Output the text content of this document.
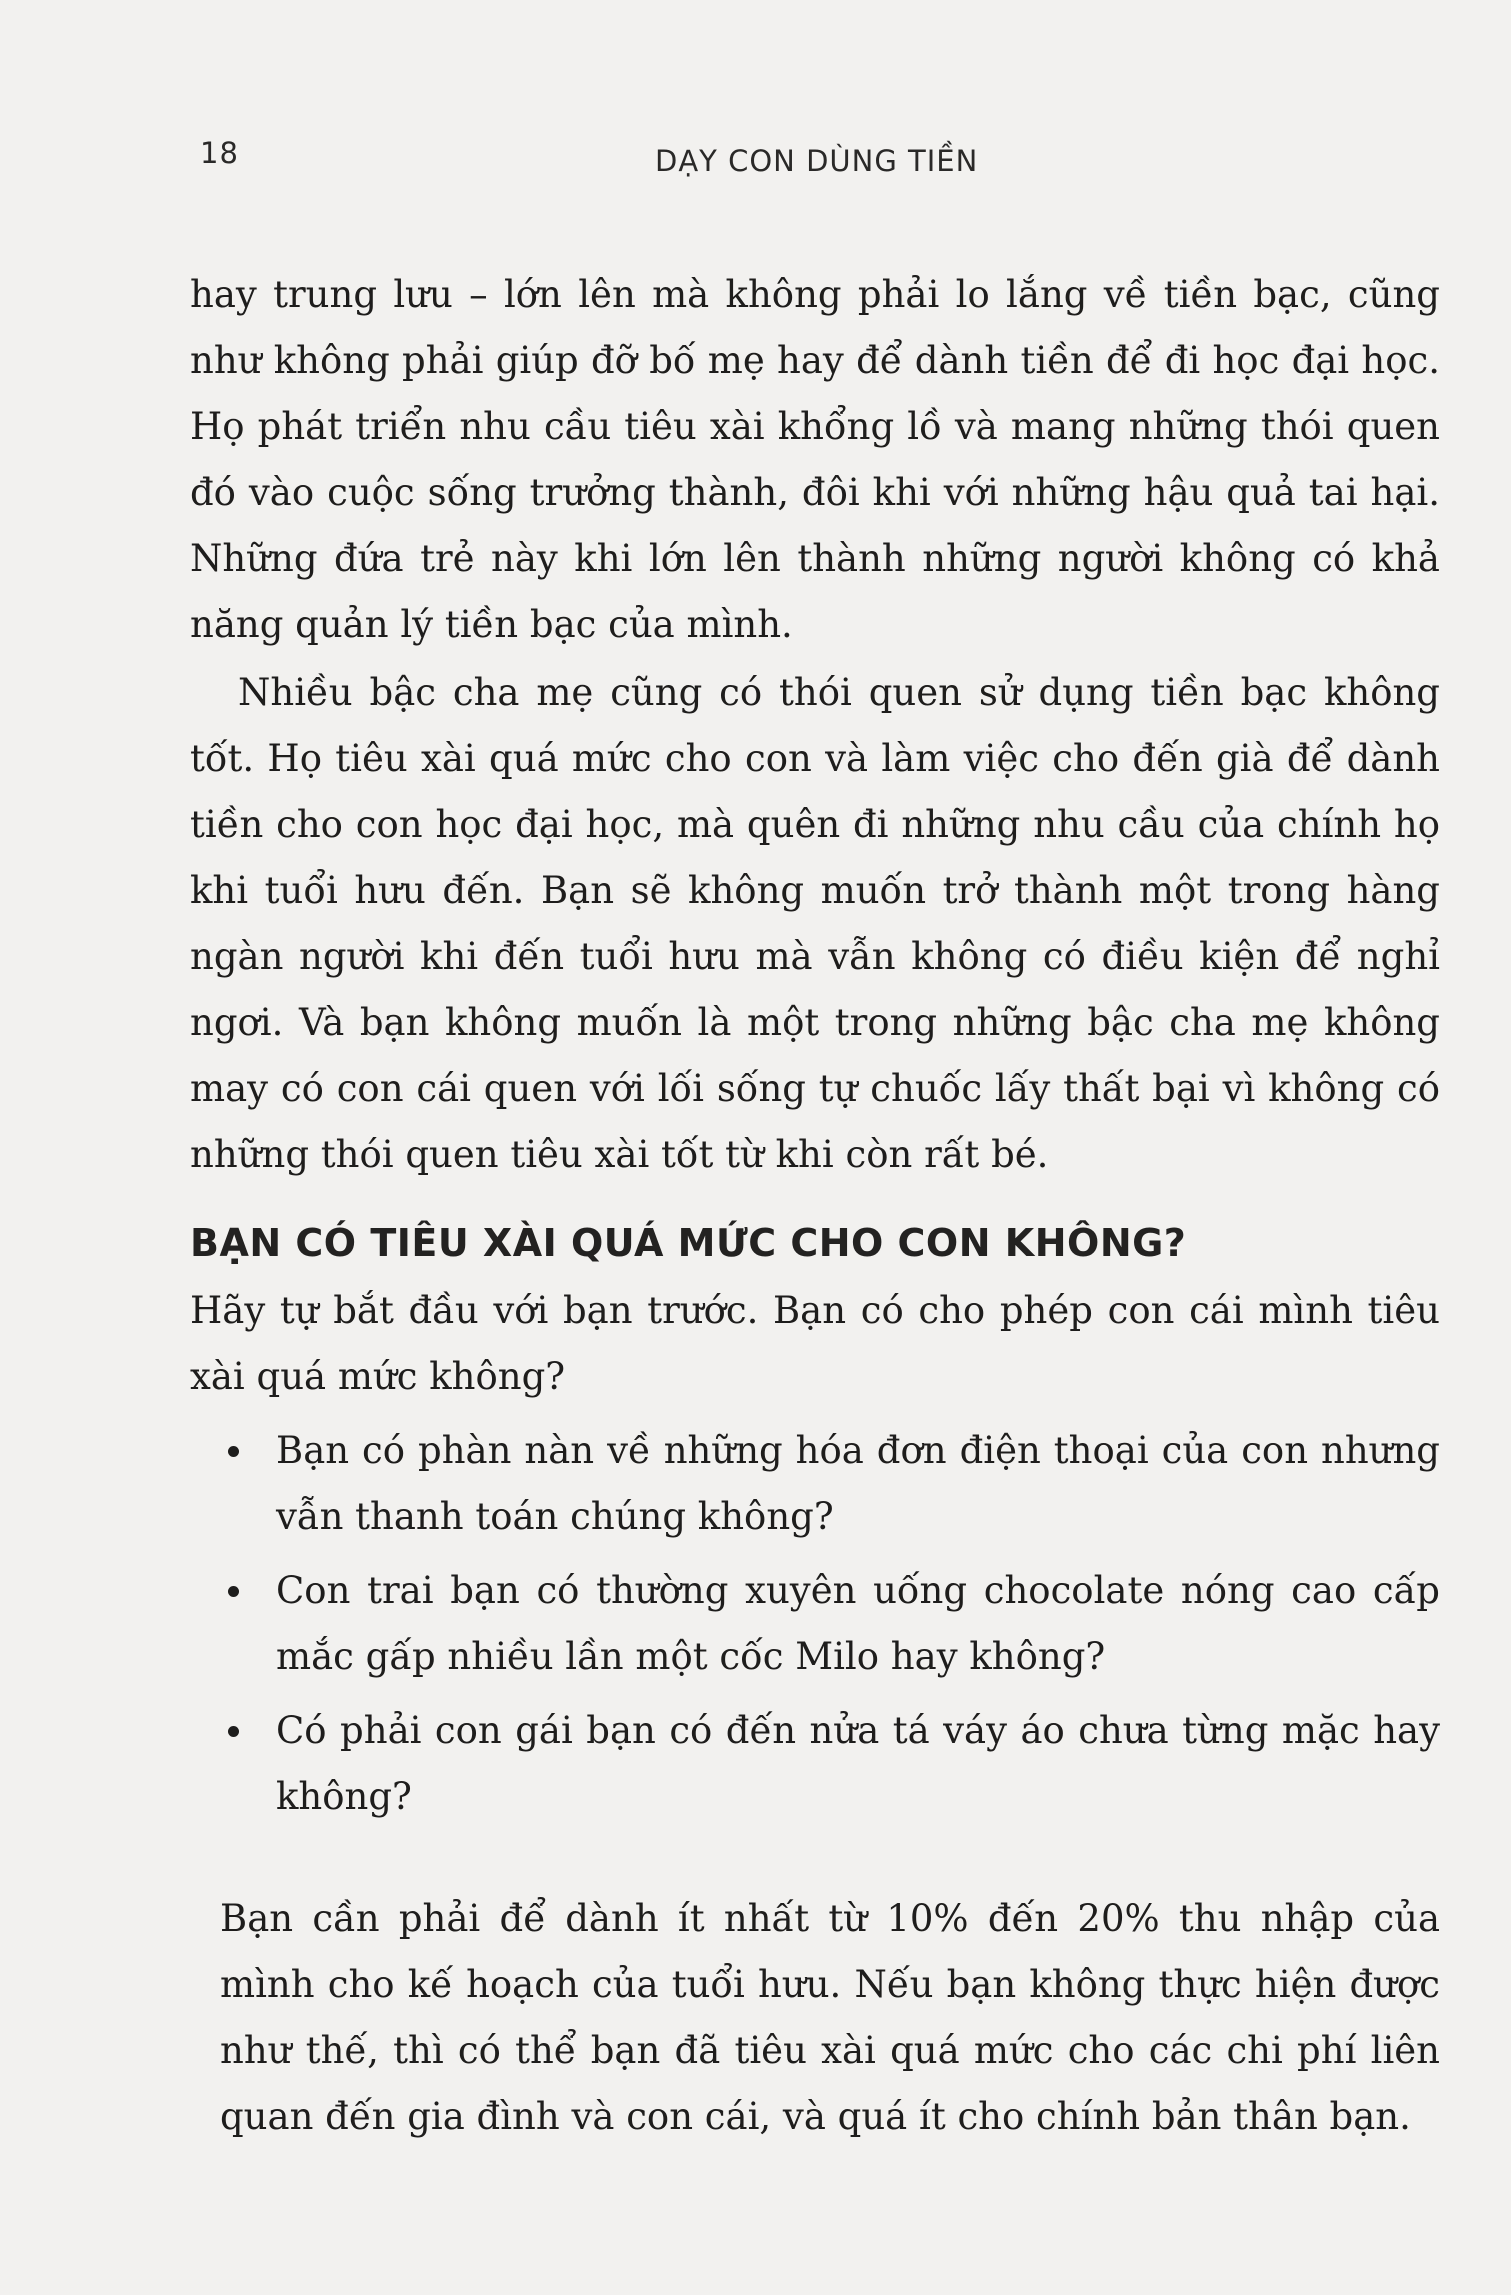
18	DẠY CON DÙNG TIỀN

hay trung lưu – lớn lên mà không phải lo lắng về tiền bạc, cũng như không phải giúp đỡ bố mẹ hay để dành tiền để đi học đại học. Họ phát triển nhu cầu tiêu xài khổng lồ và mang những thói quen đó vào cuộc sống trưởng thành, đôi khi với những hậu quả tai hại. Những đứa trẻ này khi lớn lên thành những người không có khả năng quản lý tiền bạc của mình.

Nhiều bậc cha mẹ cũng có thói quen sử dụng tiền bạc không tốt. Họ tiêu xài quá mức cho con và làm việc cho đến già để dành tiền cho con học đại học, mà quên đi những nhu cầu của chính họ khi tuổi hưu đến. Bạn sẽ không muốn trở thành một trong hàng ngàn người khi đến tuổi hưu mà vẫn không có điều kiện để nghỉ ngơi. Và bạn không muốn là một trong những bậc cha mẹ không may có con cái quen với lối sống tự chuốc lấy thất bại vì không có những thói quen tiêu xài tốt từ khi còn rất bé.

BẠN CÓ TIÊU XÀI QUÁ MỨC CHO CON KHÔNG?

Hãy tự bắt đầu với bạn trước. Bạn có cho phép con cái mình tiêu xài quá mức không?

Bạn có phàn nàn về những hóa đơn điện thoại của con nhưng vẫn thanh toán chúng không?
Con trai bạn có thường xuyên uống chocolate nóng cao cấp mắc gấp nhiều lần một cốc Milo hay không?
Có phải con gái bạn có đến nửa tá váy áo chưa từng mặc hay không?

Bạn cần phải để dành ít nhất từ 10% đến 20% thu nhập của mình cho kế hoạch của tuổi hưu. Nếu bạn không thực hiện được như thế, thì có thể bạn đã tiêu xài quá mức cho các chi phí liên quan đến gia đình và con cái, và quá ít cho chính bản thân bạn.
